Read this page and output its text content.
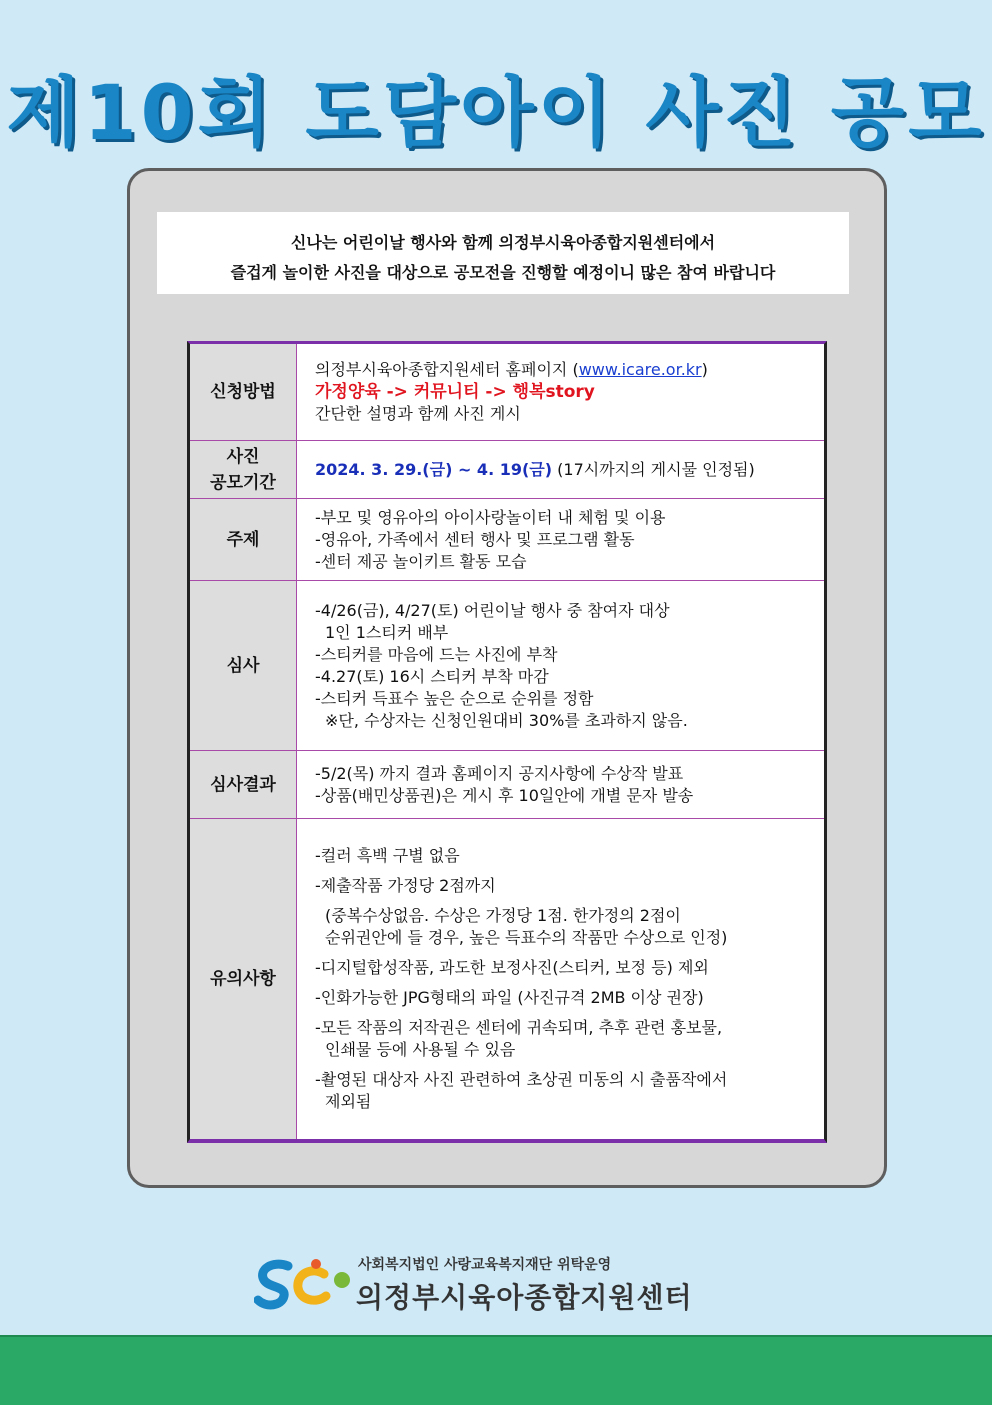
제10회 도담아이 사진 공모
신나는 어린이날 행사와 함께 의정부시육아종합지원센터에서
즐겁게 놀이한 사진을 대상으로 공모전을 진행할 예정이니 많은 참여 바랍니다
신청방법
의정부시육아종합지원세터 홈페이지 (www.icare.or.kr)
가정양육 -> 커뮤니티 -> 행복story
간단한 설명과 함께 사진 게시
사진
공모기간
2024. 3. 29.(금) ~ 4. 19(금) (17시까지의 게시물 인정됨)
주제
-부모 및 영유아의 아이사랑놀이터 내 체험 및 이용
-영유아, 가족에서 센터 행사 및 프로그램 활동
-센터 제공 놀이키트 활동 모습
심사
-4/26(금), 4/27(토) 어린이날 행사 중 참여자 대상
1인 1스티커 배부
-스티커를 마음에 드는 사진에 부착
-4.27(토) 16시 스티커 부착 마감
-스티커 득표수 높은 순으로 순위를 정함
※단, 수상자는 신청인원대비 30%를 초과하지 않음.
심사결과
-5/2(목) 까지 결과 홈페이지 공지사항에 수상작 발표
-상품(배민상품권)은 게시 후 10일안에 개별 문자 발송
유의사항
-컬러 흑백 구별 없음
-제출작품 가정당 2점까지
(중복수상없음. 수상은 가정당 1점. 한가정의 2점이
순위권안에 들 경우, 높은 득표수의 작품만 수상으로 인정)
-디지털합성작품, 과도한 보정사진(스티커, 보정 등) 제외
-인화가능한 JPG형태의 파일 (사진규격 2MB 이상 권장)
-모든 작품의 저작권은 센터에 귀속되며, 추후 관련 홍보물,
인쇄물 등에 사용될 수 있음
-촬영된 대상자 사진 관련하여 초상권 미동의 시 출품작에서
제외됨
사회복지법인 사랑교육복지재단 위탁운영
의정부시육아종합지원센터
